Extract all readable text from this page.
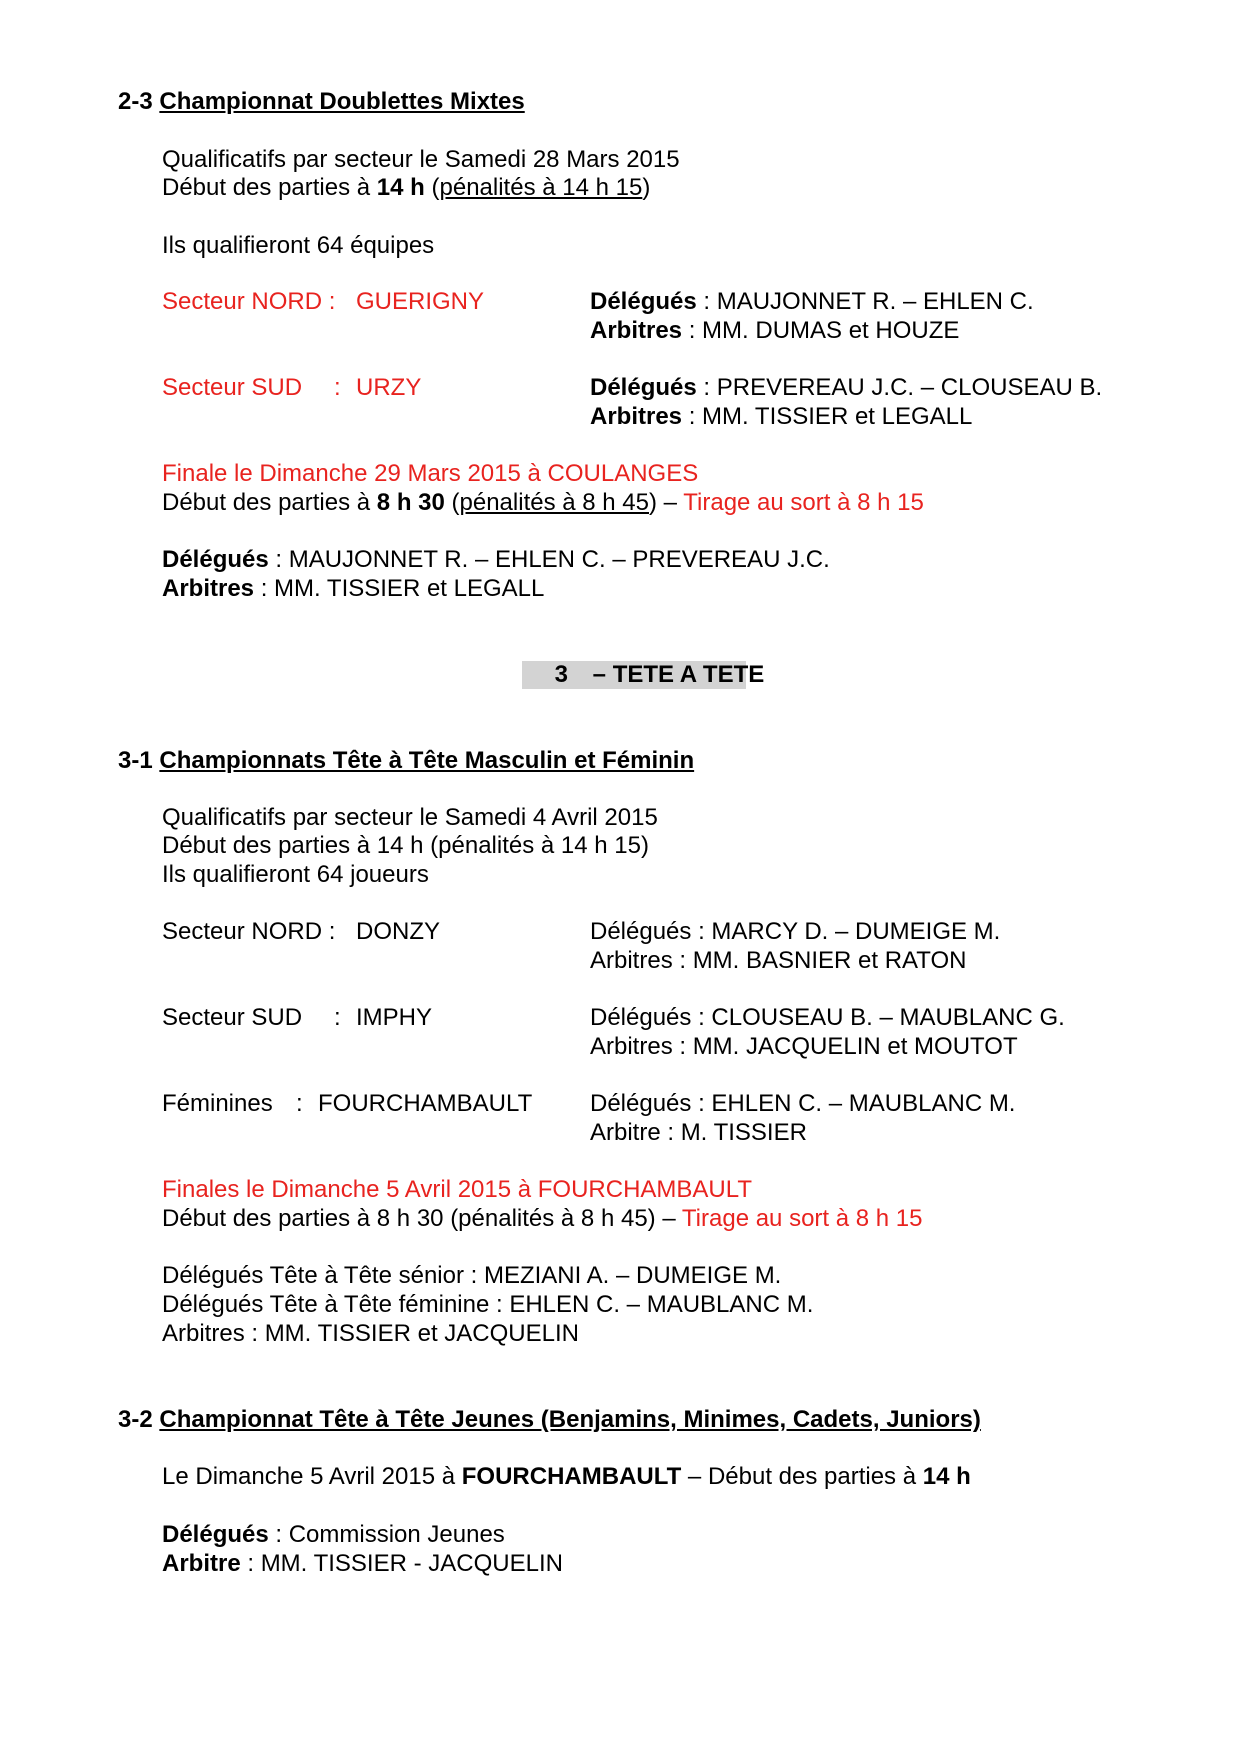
2-3 Championnat Doublettes Mixtes
Qualificatifs par secteur le Samedi 28 Mars 2015
Début des parties à 14 h (pénalités à 14 h 15)
Ils qualifieront 64 équipes
Secteur NORD : GUERIGNY	Délégués : MAUJONNET R. – EHLEN C.
Arbitres : MM. DUMAS et HOUZE
Secteur SUD : URZY	Délégués : PREVEREAU J.C. – CLOUSEAU B.
Arbitres : MM. TISSIER et LEGALL
Finale le Dimanche 29 Mars 2015 à COULANGES
Début des parties à 8 h 30 (pénalités à 8 h 45) – Tirage au sort à 8 h 15
Délégués : MAUJONNET R. – EHLEN C. – PREVEREAU J.C.
Arbitres : MM. TISSIER et LEGALL
3 – TETE A TETE
3-1 Championnats Tête à Tête Masculin et Féminin
Qualificatifs par secteur le Samedi 4 Avril 2015
Début des parties à 14 h (pénalités à 14 h 15)
Ils qualifieront 64 joueurs
Secteur NORD : DONZY	Délégués : MARCY D. – DUMEIGE M.
Arbitres : MM. BASNIER et RATON
Secteur SUD : IMPHY	Délégués : CLOUSEAU B. – MAUBLANC G.
Arbitres : MM. JACQUELIN et MOUTOT
Féminines : FOURCHAMBAULT Délégués : EHLEN C. – MAUBLANC M.
Arbitre : M. TISSIER
Finales le Dimanche 5 Avril 2015 à FOURCHAMBAULT
Début des parties à 8 h 30 (pénalités à 8 h 45) – Tirage au sort à 8 h 15
Délégués Tête à Tête sénior : MEZIANI A. – DUMEIGE M.
Délégués Tête à Tête féminine : EHLEN C. – MAUBLANC M.
Arbitres : MM. TISSIER et JACQUELIN
3-2 Championnat Tête à Tête Jeunes (Benjamins, Minimes, Cadets, Juniors)
Le Dimanche 5 Avril 2015 à FOURCHAMBAULT – Début des parties à 14 h
Délégués : Commission Jeunes
Arbitre : MM. TISSIER - JACQUELIN
